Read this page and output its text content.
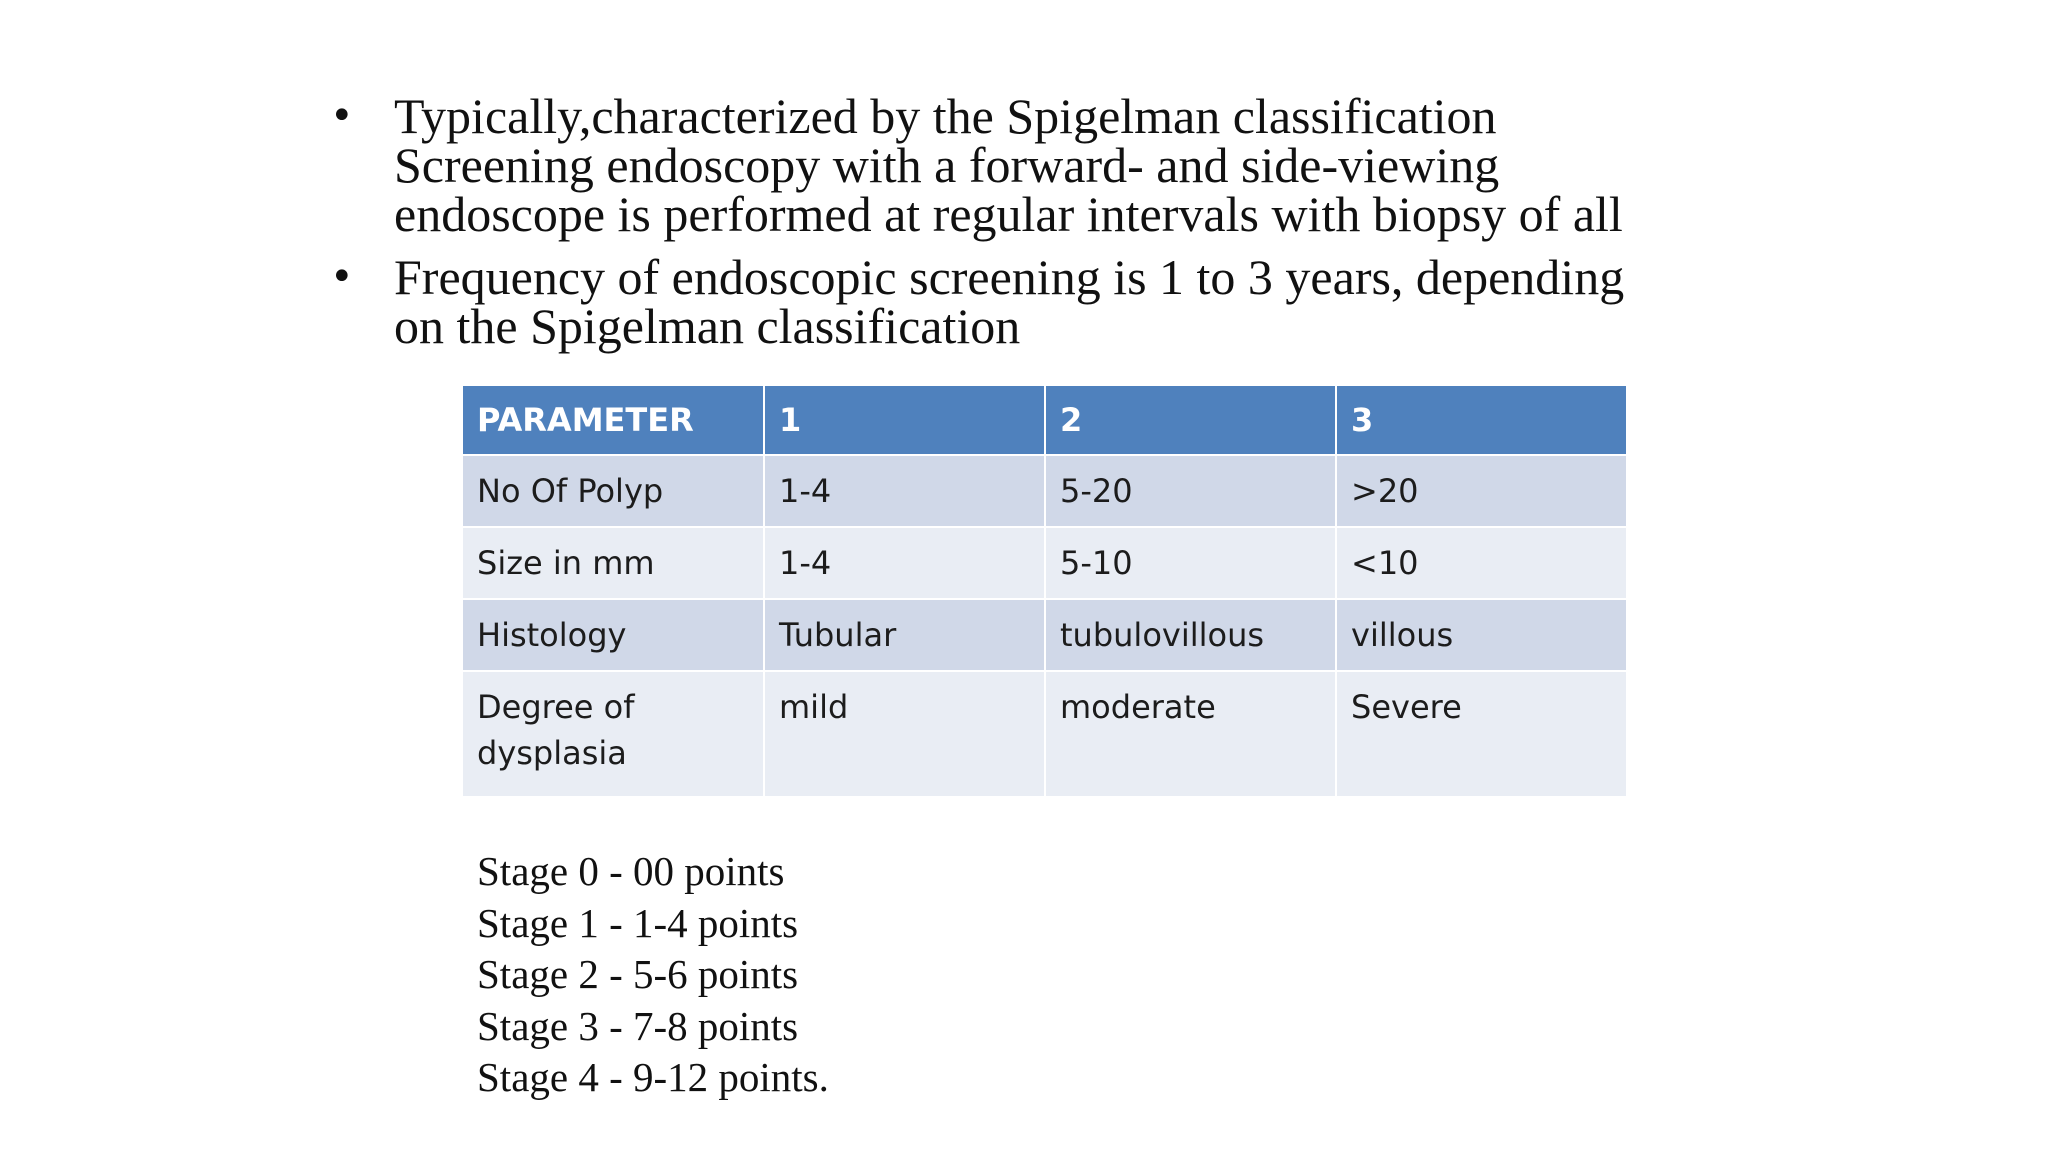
• Typically,characterized by the Spigelman classification
Screening endoscopy with a forward- and side-viewing
endoscope is performed at regular intervals with biopsy of all
• Frequency of endoscopic screening is 1 to 3 years, depending
on the Spigelman classification
PARAMETER	1	2	3
No Of Polyp	1-4	5-20	>20
Size in mm	1-4	5-10	<10
Histology	Tubular	tubulovillous	villous
Degree of dysplasia	mild	moderate	Severe
Stage 0 - 00 points
Stage 1 - 1-4 points
Stage 2 - 5-6 points
Stage 3 - 7-8 points
Stage 4 - 9-12 points.
